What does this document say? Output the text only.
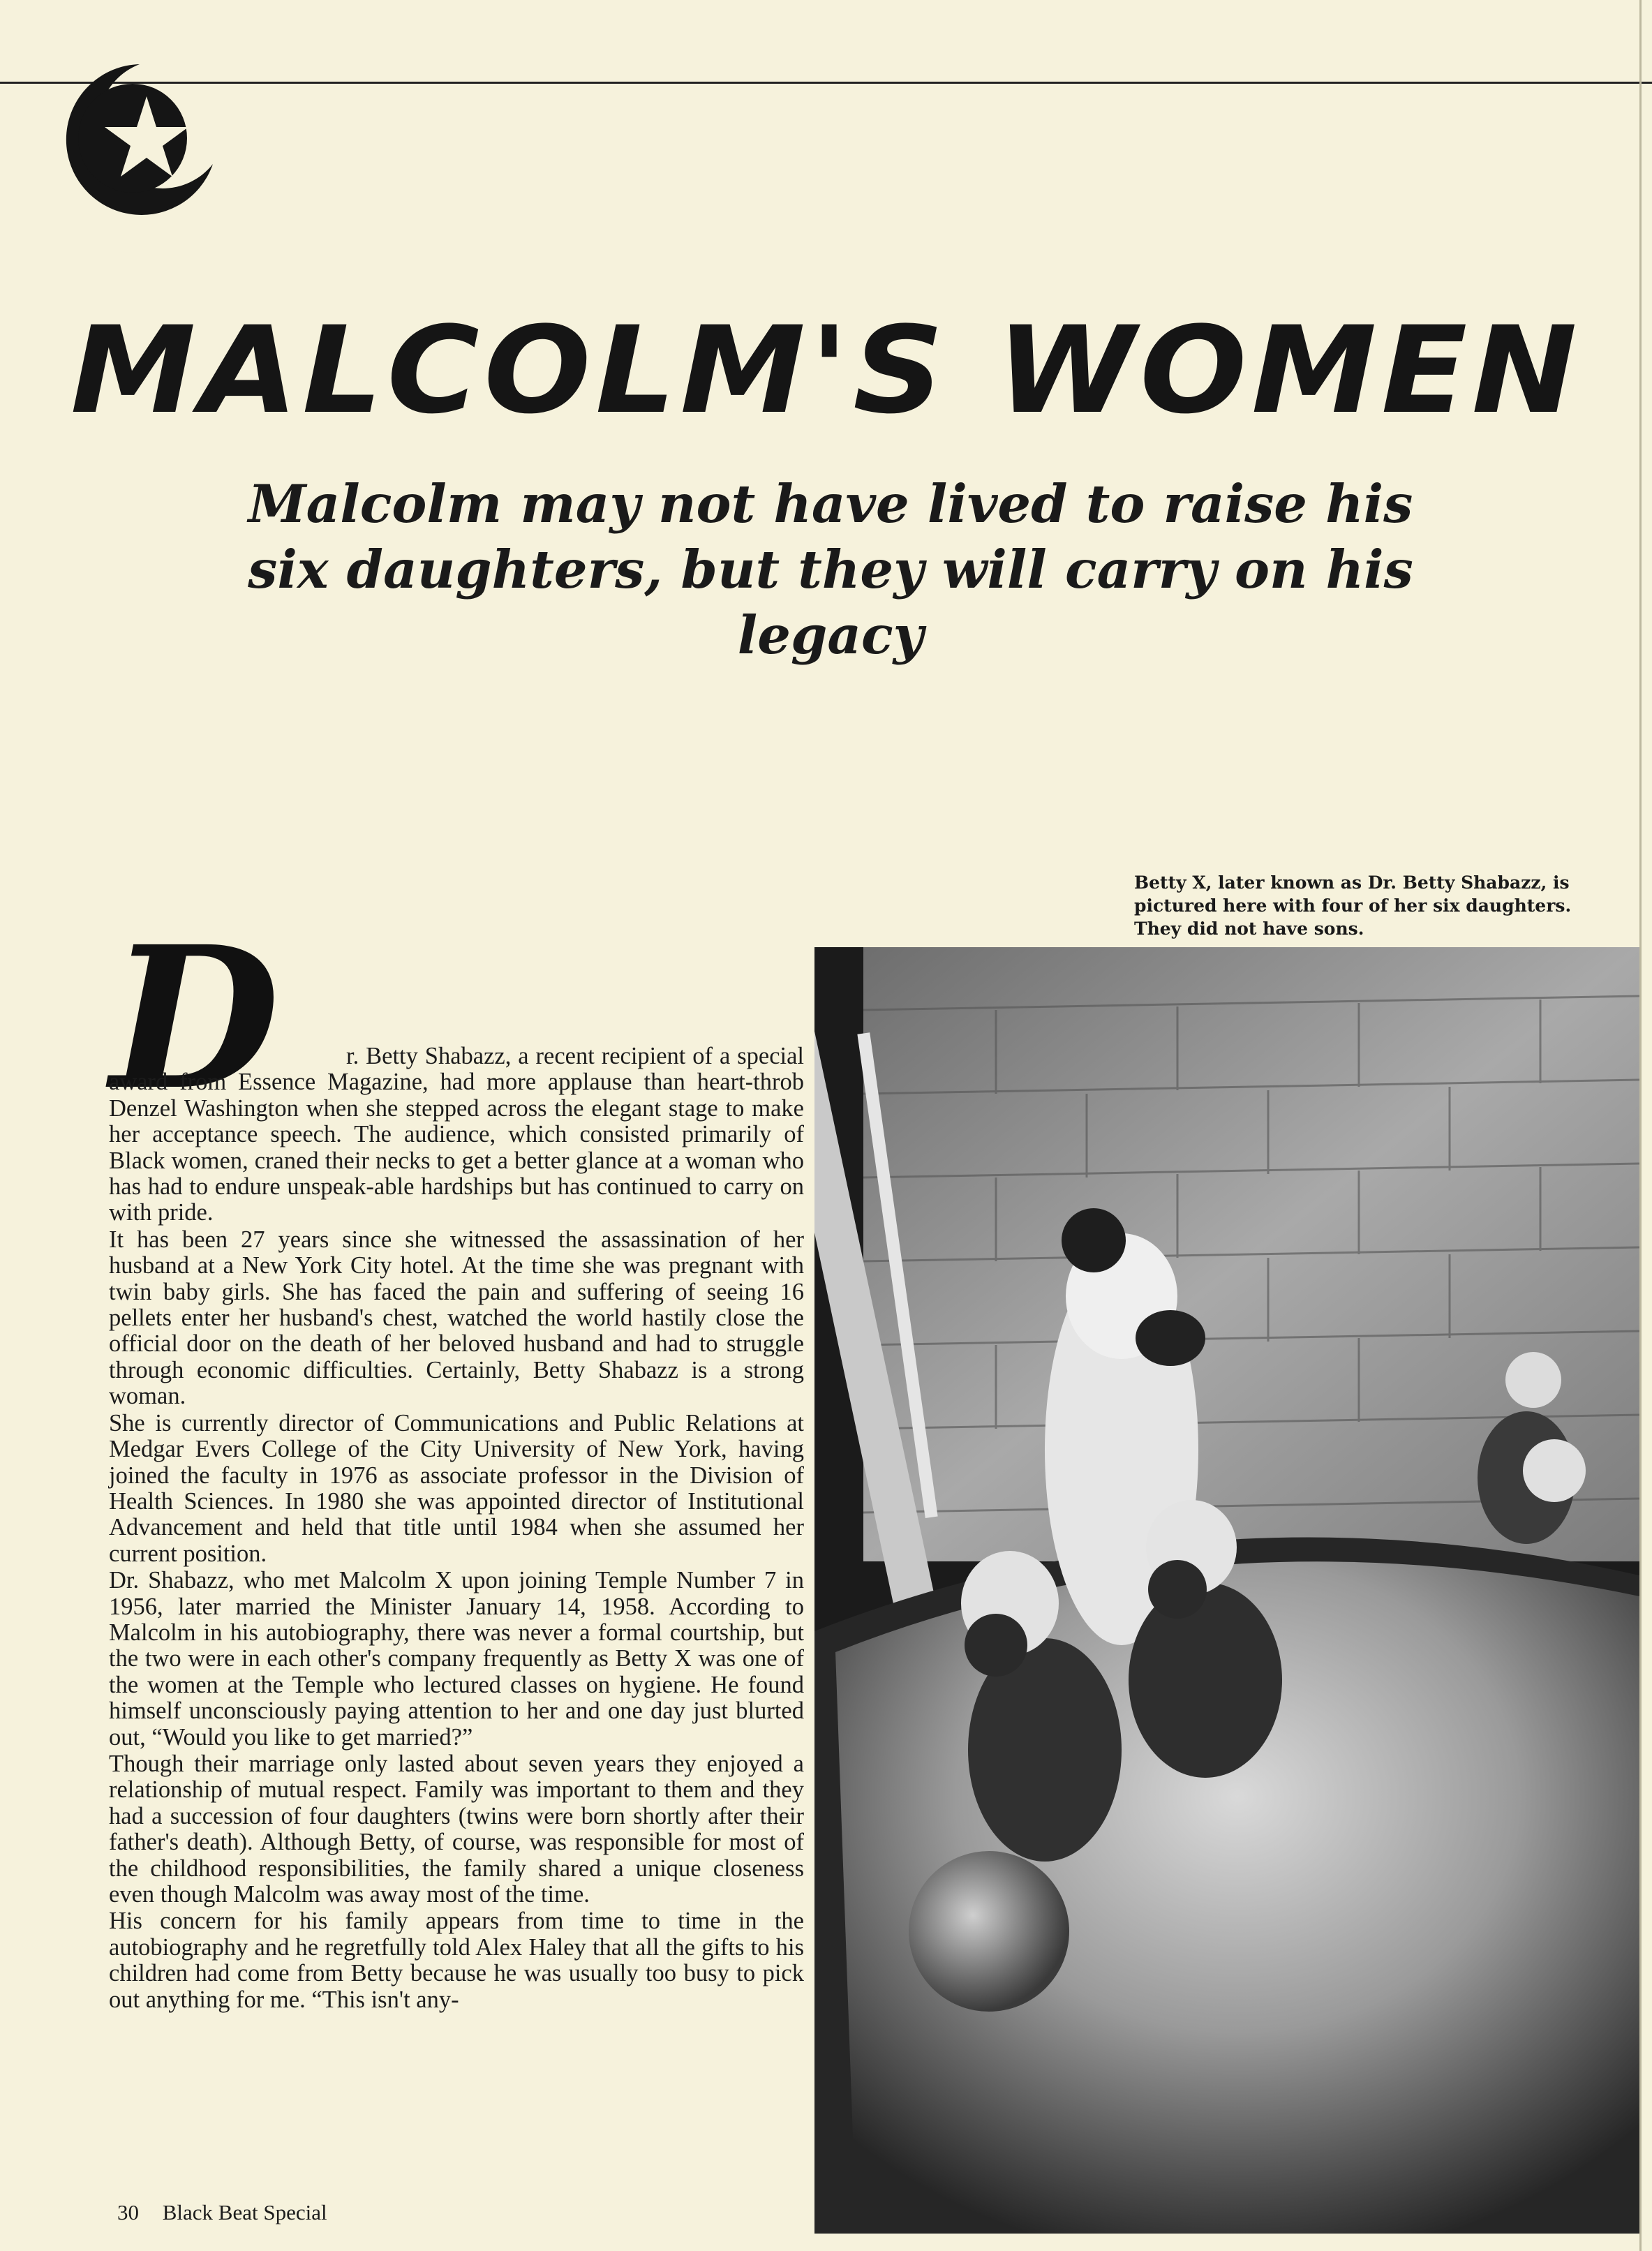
MALCOLM'S WOMEN
Malcolm may not have lived to raise his six daughters, but they will carry on his legacy
Betty X, later known as Dr. Betty Shabazz, is pictured here with four of her six daughters. They did not have sons.
D	r. Betty Shabazz, a recent recipient of a special award from Essence Magazine, had more applause than heart-throb Denzel Washington when she stepped across the elegant stage to make her acceptance speech. The audience, which consisted primarily of Black women, craned their necks to get a better glance at a woman who has had to endure unspeak-able hardships but has continued to carry on with pride.

It has been 27 years since she witnessed the assassination of her husband at a New York City hotel. At the time she was pregnant with twin baby girls. She has faced the pain and suffering of seeing 16 pellets enter her husband's chest, watched the world hastily close the official door on the death of her beloved husband and had to struggle through economic difficulties. Certainly, Betty Shabazz is a strong woman.

She is currently director of Communications and Public Relations at Medgar Evers College of the City University of New York, having joined the faculty in 1976 as associate professor in the Division of Health Sciences. In 1980 she was appointed director of Institutional Advancement and held that title until 1984 when she assumed her current position.

Dr. Shabazz, who met Malcolm X upon joining Temple Number 7 in 1956, later married the Minister January 14, 1958. According to Malcolm in his autobiography, there was never a formal courtship, but the two were in each other's company frequently as Betty X was one of the women at the Temple who lectured classes on hygiene. He found himself unconsciously paying attention to her and one day just blurted out, “Would you like to get married?”

Though their marriage only lasted about seven years they enjoyed a relationship of mutual respect. Family was important to them and they had a succession of four daughters (twins were born shortly after their father's death). Although Betty, of course, was responsible for most of the childhood responsibilities, the family shared a unique closeness even though Malcolm was away most of the time.

His concern for his family appears from time to time in the autobiography and he regretfully told Alex Haley that all the gifts to his children had come from Betty because he was usually too busy to pick out anything for me. “This isn't any-

30 Black Beat Special
